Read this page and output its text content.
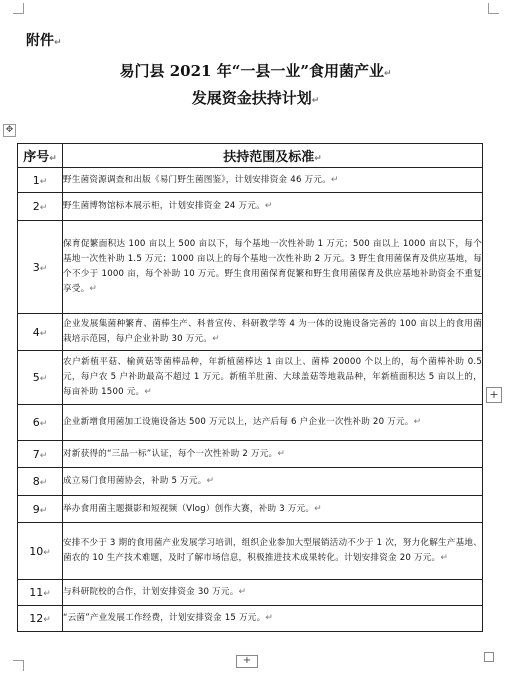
附件↵
易门县 2021 年“一县一业”食用菌产业↵
发展资金扶持计划↵
✥
序号↵	扶持范围及标准↵
1↵	野生菌资源调查和出版《易门野生菌图鉴》，计划安排资金 46 万元。↵
2↵	野生菌博物馆标本展示柜，计划安排资金 24 万元。↵
3↵	保育促繁面积达 100 亩以上 500 亩以下，每个基地一次性补助 1 万元；500 亩以上 1000 亩以下，每个基地一次性补助 1.5 万元；1000 亩以上的每个基地一次性补助 2 万元。3 野生食用菌保育及供应基地，每个不少于 1000 亩，每个补助 10 万元。野生食用菌保育促繁和野生食用菌保育及供应基地补助资金不重复享受。↵
4↵	企业发展集菌种繁育、菌棒生产、科普宣传、科研教学等 4 为一体的设施设备完善的 100 亩以上的食用菌栽培示范园，每户企业补助 30 万元。↵
5↵	农户新植平菇、榆黄菇等菌棒品种，年新植菌棒达 1 亩以上、菌棒 20000 个以上的，每个菌棒补助 0.5 元，每户农 5 户补助最高不超过 1 万元。新植羊肚菌、大球盖菇等地栽品种，年新植面积达 5 亩以上的，每亩补助 1500 元。↵
6↵	企业新增食用菌加工设施设备达 500 万元以上，达产后每 6 户企业一次性补助 20 万元。↵
7↵	对新获得的“三品一标”认证，每个一次性补助 2 万元。↵
8↵	成立易门食用菌协会，补助 5 万元。↵
9↵	举办食用菌主题摄影和短视频（Vlog）创作大赛，补助 3 万元。↵
10↵	安排不少于 3 期的食用菌产业发展学习培训，组织企业参加大型展销活动不少于 1 次，努力化解生产基地、菌农的 10 生产技术难题，及时了解市场信息，积极推进技术成果转化。计划安排资金 20 万元。↵
11↵	与科研院校的合作，计划安排资金 30 万元。↵
12↵	“云菌”产业发展工作经费，计划安排资金 15 万元。↵
+
+
